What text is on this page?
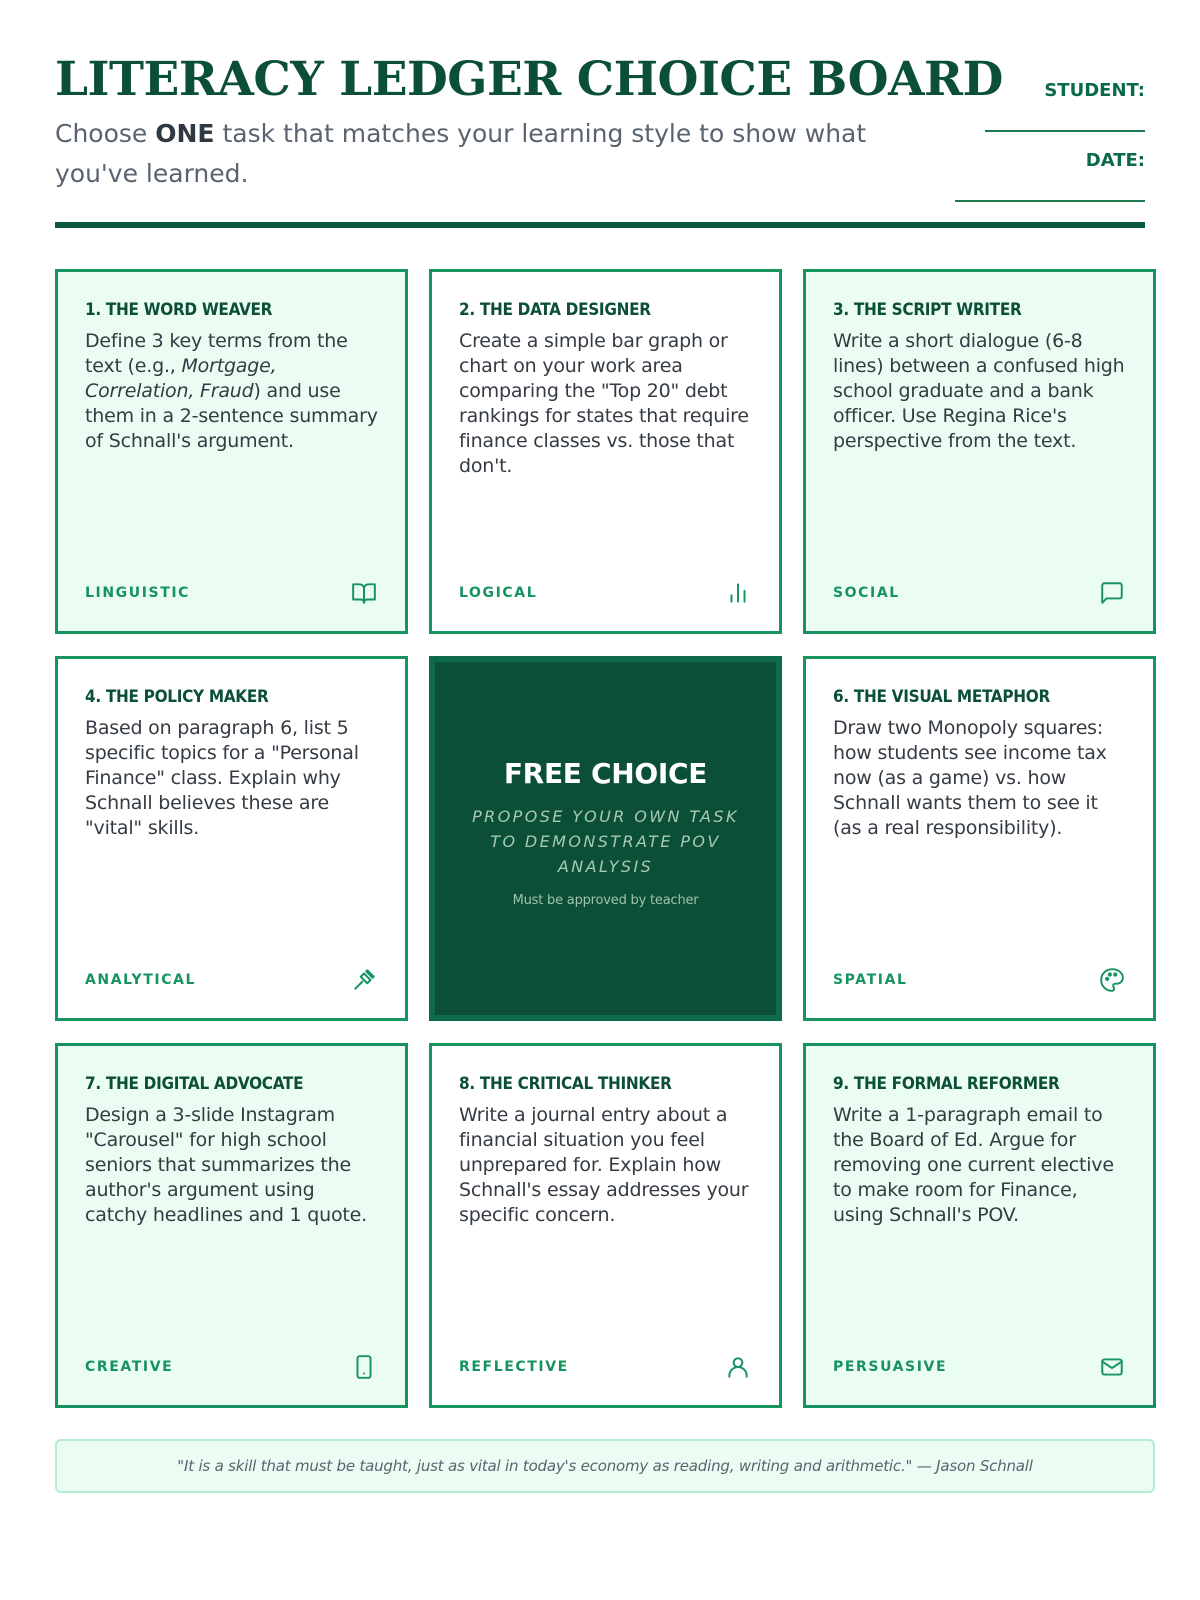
LITERACY LEDGER CHOICE BOARD

Choose ONE task that matches your learning style to show what you've learned.

STUDENT:
DATE:
1. THE WORD WEAVER
Define 3 key terms from the text (e.g., Mortgage, Correlation, Fraud) and use them in a 2-sentence summary of Schnall's argument.
LINGUISTIC
2. THE DATA DESIGNER
Create a simple bar graph or chart on your work area comparing the "Top 20" debt rankings for states that require finance classes vs. those that don't.
LOGICAL
3. THE SCRIPT WRITER
Write a short dialogue (6-8 lines) between a confused high school graduate and a bank officer. Use Regina Rice's perspective from the text.
SOCIAL
4. THE POLICY MAKER
Based on paragraph 6, list 5 specific topics for a "Personal Finance" class. Explain why Schnall believes these are "vital" skills.
ANALYTICAL
FREE CHOICE
PROPOSE YOUR OWN TASK TO DEMONSTRATE POV ANALYSIS
Must be approved by teacher
6. THE VISUAL METAPHOR
Draw two Monopoly squares: how students see income tax now (as a game) vs. how Schnall wants them to see it (as a real responsibility).
SPATIAL
7. THE DIGITAL ADVOCATE
Design a 3-slide Instagram "Carousel" for high school seniors that summarizes the author's argument using catchy headlines and 1 quote.
CREATIVE
8. THE CRITICAL THINKER
Write a journal entry about a financial situation you feel unprepared for. Explain how Schnall's essay addresses your specific concern.
REFLECTIVE
9. THE FORMAL REFORMER
Write a 1-paragraph email to the Board of Ed. Argue for removing one current elective to make room for Finance, using Schnall's POV.
PERSUASIVE
"It is a skill that must be taught, just as vital in today's economy as reading, writing and arithmetic." — Jason Schnall
